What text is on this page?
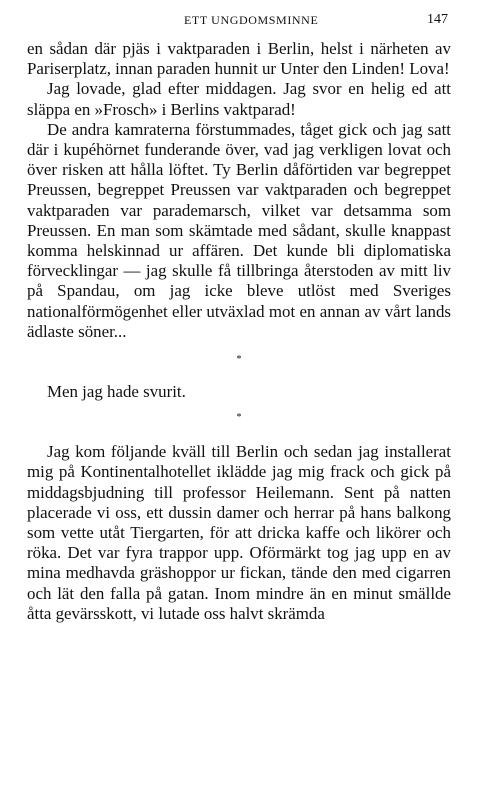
ETT UNGDOMSMINNE	147

en sådan där pjäs i vaktparaden i Berlin, helst i närheten av Pariserplatz, innan paraden hunnit ur Unter den Linden! Lova!

Jag lovade, glad efter middagen. Jag svor en helig ed att släppa en »Frosch» i Berlins vaktparad!

De andra kamraterna förstummades, tåget gick och jag satt där i kupéhörnet funderande över, vad jag verkligen lovat och över risken att hålla löftet. Ty Berlin dåförtiden var begreppet Preussen, begreppet Preussen var vaktparaden och begreppet vaktparaden var parademarsch, vilket var detsamma som Preussen. En man som skämtade med sådant, skulle knappast komma helskinnad ur affären. Det kunde bli diplomatiska förvecklingar — jag skulle få tillbringa återstoden av mitt liv på Spandau, om jag icke bleve utlöst med Sveriges nationalförmögenhet eller utväxlad mot en annan av vårt lands ädlaste söner...

*

Men jag hade svurit.

*

Jag kom följande kväll till Berlin och sedan jag installerat mig på Kontinentalhotellet iklädde jag mig frack och gick på middagsbjudning till professor Heilemann. Sent på natten placerade vi oss, ett dussin damer och herrar på hans balkong som vette utåt Tiergarten, för att dricka kaffe och likörer och röka. Det var fyra trappor upp. Oförmärkt tog jag upp en av mina medhavda gräshoppor ur fickan, tände den med cigarren och lät den falla på gatan. Inom mindre än en minut smällde åtta gevärsskott, vi lutade oss halvt skrämda
